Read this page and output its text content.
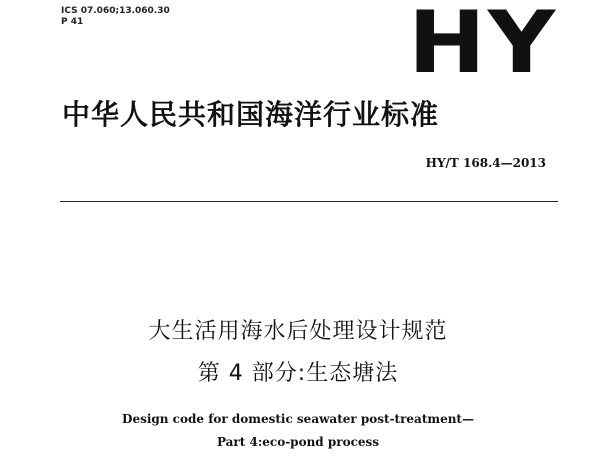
ICS 07.060;13.060.30
P 41	HY
中华人民共和国海洋行业标准
HY/T 168.4—2013
大生活用海水后处理设计规范
第 4 部分:生态塘法
Design code for domestic seawater post-treatment—
Part 4:eco-pond process
